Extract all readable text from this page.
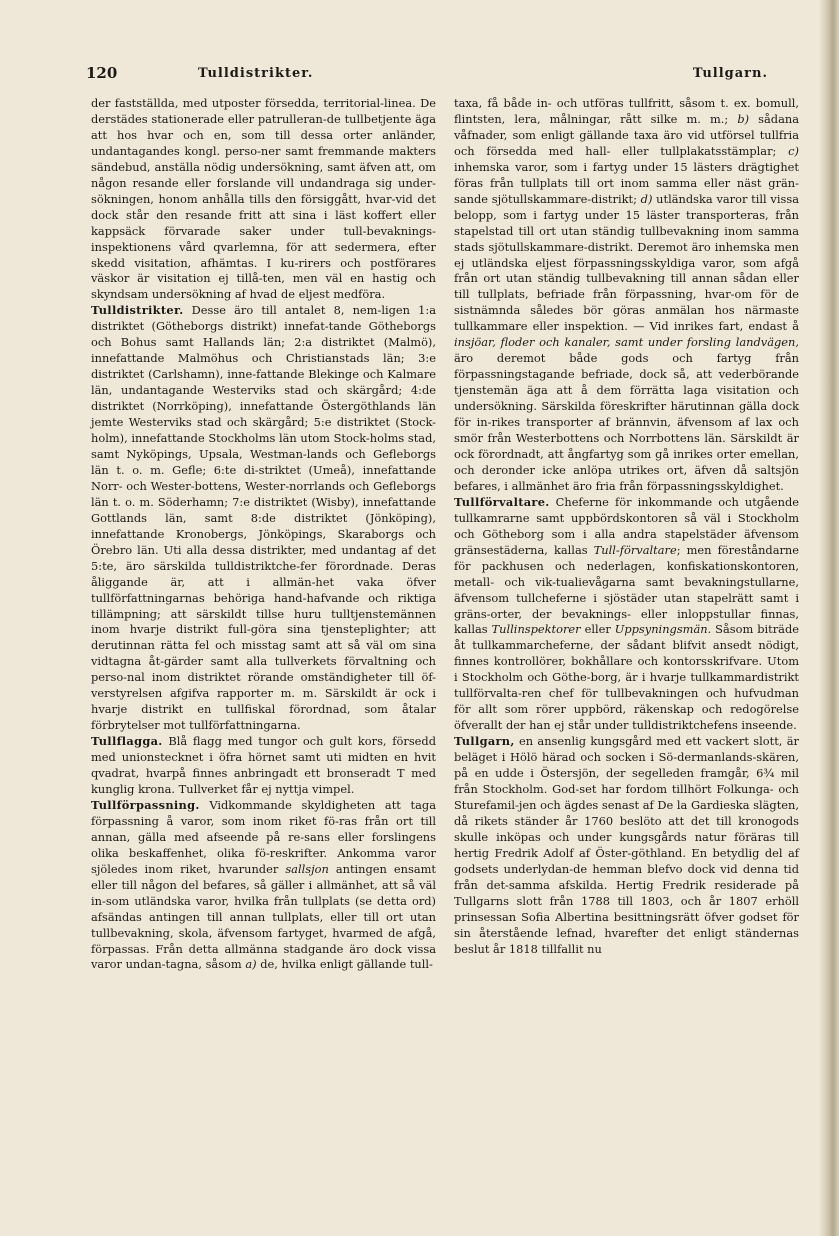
120	Tulldistrikter.	Tullgarn.

der fastställda, med utposter försedda, territorial-linea. De derstädes stationerade eller patrulleran-de tullbetjente äga att hos hvar och en, som till dessa orter anländer, undantagandes kongl. perso-ner samt fremmande makters sändebud, anställa nödig undersökning, samt äfven att, om någon resande eller forslande vill undandraga sig under-sökningen, honom anhålla tills den försiggått, hvar-vid det dock står den resande fritt att sina i läst koffert eller kappsäck förvarade saker under tull-bevaknings-inspektionens vård qvarlemna, för att sedermera, efter skedd visitation, afhämtas. I ku-rirers och postförares väskor är visitation ej tillå-ten, men väl en hastig och skyndsam undersökning af hvad de eljest medföra.

Tulldistrikter. Desse äro till antalet 8, nem-ligen 1:a distriktet (Götheborgs distrikt) innefat-tande Götheborgs och Bohus samt Hallands län; 2:a distriktet (Malmö), innefattande Malmöhus och Christianstads län; 3:e distriktet (Carlshamn), inne-fattande Blekinge och Kalmare län, undantagande Westerviks stad och skärgård; 4:de distriktet (Norrköping), innefattande Östergöthlands län jemte Westerviks stad och skärgård; 5:e distriktet (Stock-holm), innefattande Stockholms län utom Stock-holms stad, samt Nyköpings, Upsala, Westman-lands och Gefleborgs län t. o. m. Gefle; 6:te di-striktet (Umeå), innefattande Norr- och Wester-bottens, Wester-norrlands och Gefleborgs län t. o. m. Söderhamn; 7:e distriktet (Wisby), innefattande Gottlands län, samt 8:de distriktet (Jönköping), innefattande Kronobergs, Jönköpings, Skaraborgs och Örebro län. Uti alla dessa distrikter, med undantag af det 5:te, äro särskilda tulldistriktche-fer förordnade. Deras åliggande är, att i allmän-het vaka öfver tullförfattningarnas behöriga hand-hafvande och riktiga tillämpning; att särskildt tillse huru tulltjenstemännen inom hvarje distrikt full-göra sina tjensteplighter; att derutinnan rätta fel och misstag samt att så väl om sina vidtagna åt-gärder samt alla tullverkets förvaltning och perso-nal inom distriktet rörande omständigheter till öf-verstyrelsen afgifva rapporter m. m. Särskildt är ock i hvarje distrikt en tullfiskal förordnad, som åtalar förbrytelser mot tullförfattningarna.

Tullflagga. Blå flagg med tungor och gult kors, försedd med unionstecknet i öfra hörnet samt uti midten en hvit qvadrat, hvarpå finnes anbringadt ett bronseradt T med kunglig krona. Tullverket får ej nyttja vimpel.

Tullförpassning. Vidkommande skyldigheten att taga förpassning å varor, som inom riket fö-ras från ort till annan, gälla med afseende på re-sans eller forslingens olika beskaffenhet, olika fö-reskrifter. Ankomma varor sjöledes inom riket, hvarunder sallsjon antingen ensamt eller till någon del befares, så gäller i allmänhet, att så väl in-som utländska varor, hvilka från tullplats (se detta ord) afsändas antingen till annan tullplats, eller till ort utan tullbevakning, skola, äfvensom fartyget, hvarmed de afgå, förpassas. Från detta allmänna stadgande äro dock vissa varor undan-tagna, såsom a) de, hvilka enligt gällande tull-

taxa, få både in- och utföras tullfritt, såsom t. ex. bomull, flintsten, lera, målningar, rått silke m. m.; b) sådana våfnader, som enligt gällande taxa äro vid utförsel tullfria och försedda med hall- eller tullplakatsstämplar; c) inhemska varor, som i fartyg under 15 lästers drägtighet föras från tullplats till ort inom samma eller näst grän-sande sjötullskammare-distrikt; d) utländska varor till vissa belopp, som i fartyg under 15 läster transporteras, från stapelstad till ort utan ständig tullbevakning inom samma stads sjötullskammare-distrikt. Deremot äro inhemska men ej utländska eljest förpassningsskyldiga varor, som afgå från ort utan ständig tullbevakning till annan sådan eller till tullplats, befriade från förpassning, hvar-om för de sistnämnda således bör göras anmälan hos närmaste tullkammare eller inspektion. — Vid inrikes fart, endast å insjöar, floder och kanaler, samt under forsling landvägen, äro deremot både gods och fartyg från förpassningstagande befriade, dock så, att vederbörande tjenstemän äga att å dem förrätta laga visitation och undersökning. Särskilda föreskrifter härutinnan gälla dock för in-rikes transporter af brännvin, äfvensom af lax och smör från Westerbottens och Norrbottens län. Särskildt är ock förordnadt, att ångfartyg som gå inrikes orter emellan, och deronder icke anlöpa utrikes ort, äfven då saltsjön befares, i allmänhet äro fria från förpassningsskyldighet.

Tullförvaltare. Cheferne för inkommande och utgående tullkamrarne samt uppbördskontoren så väl i Stockholm och Götheborg som i alla andra stapelstäder äfvensom gränsestäderna, kallas Tull-förvaltare; men föreståndarne för packhusen och nederlagen, konfiskationskontoren, metall- och vik-tualievågarna samt bevakningstullarne, äfvensom tullcheferne i sjöstäder utan stapelrätt samt i gräns-orter, der bevaknings- eller inloppstullar finnas, kallas Tullinspektorer eller Uppsyningsmän. Såsom biträde åt tullkammarcheferne, der sådant blifvit ansedt nödigt, finnes kontrollörer, bokhållare och kontorsskrifvare. Utom i Stockholm och Göthe-borg, är i hvarje tullkammardistrikt tullförvalta-ren chef för tullbevakningen och hufvudman för allt som rörer uppbörd, räkenskap och redogörelse öfverallt der han ej står under tulldistriktchefens inseende.

Tullgarn, en ansenlig kungsgård med ett vackert slott, är beläget i Hölö härad och socken i Sö-dermanlands-skären, på en udde i Östersjön, der segelleden framgår, 6¾ mil från Stockholm. God-set har fordom tillhört Folkunga- och Sturefamil-jen och ägdes senast af De la Gardieska slägten, då rikets ständer år 1760 beslöto att det till kronogods skulle inköpas och under kungsgårds natur föräras till hertig Fredrik Adolf af Öster-göthland. En betydlig del af godsets underlydan-de hemman blefvo dock vid denna tid från det-samma afskilda. Hertig Fredrik residerade på Tullgarns slott från 1788 till 1803, och år 1807 erhöll prinsessan Sofia Albertina besittningsrätt öfver godset för sin återstående lefnad, hvarefter det enligt ständernas beslut år 1818 tillfallit nu
